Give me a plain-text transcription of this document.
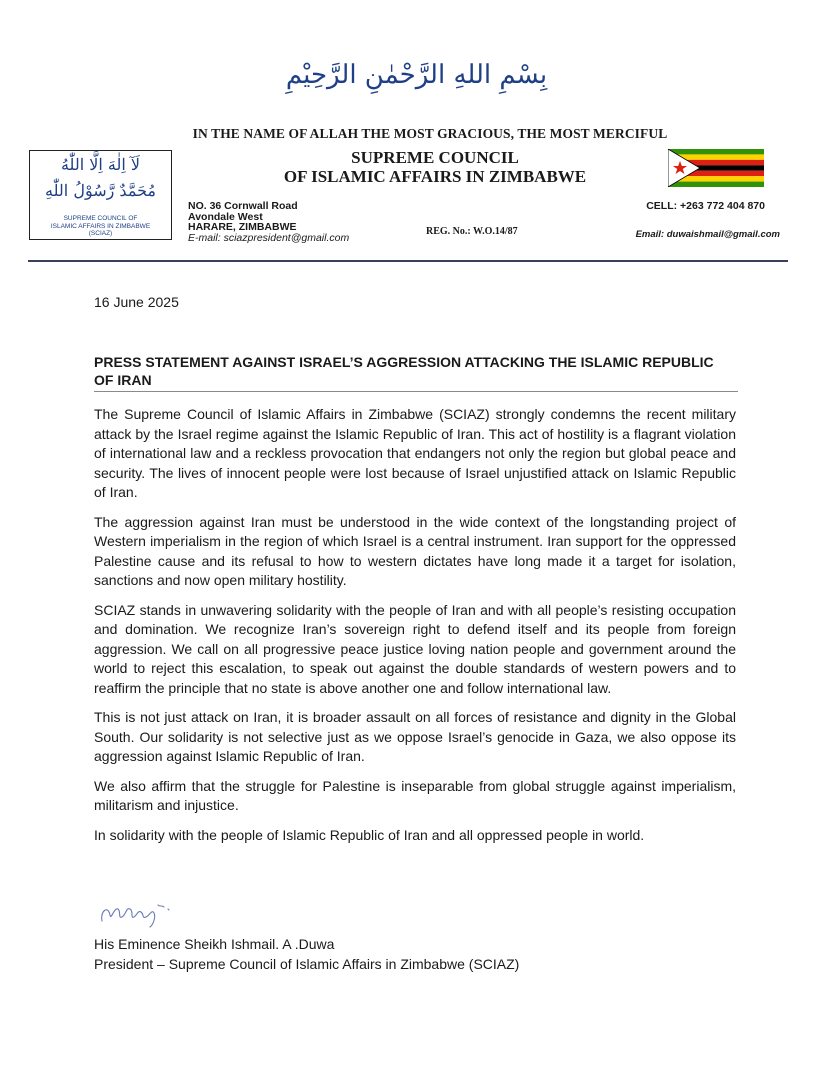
بِسْمِ اللهِ الرَّحْمٰنِ الرَّحِيْمِ
IN THE NAME OF ALLAH THE MOST GRACIOUS, THE MOST MERCIFUL
SUPREME COUNCIL
OF ISLAMIC AFFAIRS IN ZIMBABWE
لَآ اِلٰهَ اِلَّا اللّٰهُ
مُحَمَّدٌ رَّسُوْلُ اللّٰهِ
SUPREME COUNCIL OF
ISLAMIC AFFAIRS IN ZIMBABWE
(SCIAZ)
NO. 36 Cornwall Road
Avondale West
HARARE, ZIMBABWE
E-mail: sciazpresident@gmail.com	REG. No.: W.O.14/87
CELL: +263 772 404 870
Email: duwaishmail@gmail.com
16 June 2025
PRESS STATEMENT AGAINST ISRAEL’S AGGRESSION ATTACKING THE ISLAMIC REPUBLIC OF IRAN

The Supreme Council of Islamic Affairs in Zimbabwe (SCIAZ) strongly condemns the recent military attack by the Israel regime against the Islamic Republic of Iran. This act of hostility is a flagrant violation of international law and a reckless provocation that endangers not only the region but global peace and security. The lives of innocent people were lost because of Israel unjustified attack on Islamic Republic of Iran.

The aggression against Iran must be understood in the wide context of the longstanding project of Western imperialism in the region of which Israel is a central instrument. Iran support for the oppressed Palestine cause and its refusal to how to western dictates have long made it a target for isolation, sanctions and now open military hostility.

SCIAZ stands in unwavering solidarity with the people of Iran and with all people’s resisting occupation and domination. We recognize Iran’s sovereign right to defend itself and its people from foreign aggression. We call on all progressive peace justice loving nation people and government around the world to reject this escalation, to speak out against the double standards of western powers and to reaffirm the principle that no state is above another one and follow international law.

This is not just attack on Iran, it is broader assault on all forces of resistance and dignity in the Global South. Our solidarity is not selective just as we oppose Israel’s genocide in Gaza, we also oppose its aggression against Islamic Republic of Iran.

We also affirm that the struggle for Palestine is inseparable from global struggle against imperialism, militarism and injustice.

In solidarity with the people of Islamic Republic of Iran and all oppressed people in world.

His Eminence Sheikh Ishmail. A .Duwa
President – Supreme Council of Islamic Affairs in Zimbabwe (SCIAZ)
